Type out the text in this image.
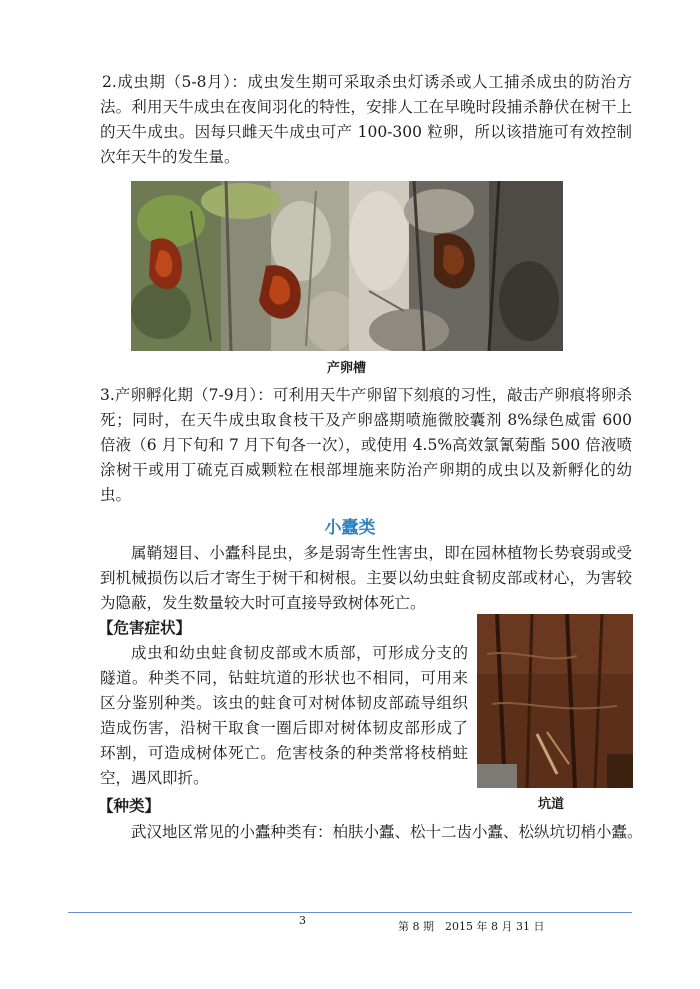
2.成虫期（5-8月）：成虫发生期可采取杀虫灯诱杀或人工捕杀成虫的防治方法。利用天牛成虫在夜间羽化的特性，安排人工在早晚时段捕杀静伏在树干上的天牛成虫。因每只雌天牛成虫可产 100-300 粒卵，所以该措施可有效控制次年天牛的发生量。

产卵槽

3.产卵孵化期（7-9月）：可利用天牛产卵留下刻痕的习性，敲击产卵痕将卵杀死；同时，在天牛成虫取食枝干及产卵盛期喷施微胶囊剂 8%绿色威雷 600 倍液（6 月下旬和 7 月下旬各一次），或使用 4.5%高效氯氰菊酯 500 倍液喷涂树干或用丁硫克百威颗粒在根部埋施来防治产卵期的成虫以及新孵化的幼虫。

小蠹类

属鞘翅目、小蠹科昆虫，多是弱寄生性害虫，即在园林植物长势衰弱或受到机械损伤以后才寄生于树干和树根。主要以幼虫蛀食韧皮部或材心，为害较为隐蔽，发生数量较大时可直接导致树体死亡。

【危害症状】

成虫和幼虫蛀食韧皮部或木质部，可形成分支的隧道。种类不同，钻蛀坑道的形状也不相同，可用来区分鉴别种类。该虫的蛀食可对树体韧皮部疏导组织造成伤害，沿树干取食一圈后即对树体韧皮部形成了环割，可造成树体死亡。危害枝条的种类常将枝梢蛀空，遇风即折。

坑道
【种类】

武汉地区常见的小蠹种类有：柏肤小蠹、松十二齿小蠹、松纵坑切梢小蠹。

3	第 8 期　2015 年 8 月 31 日
